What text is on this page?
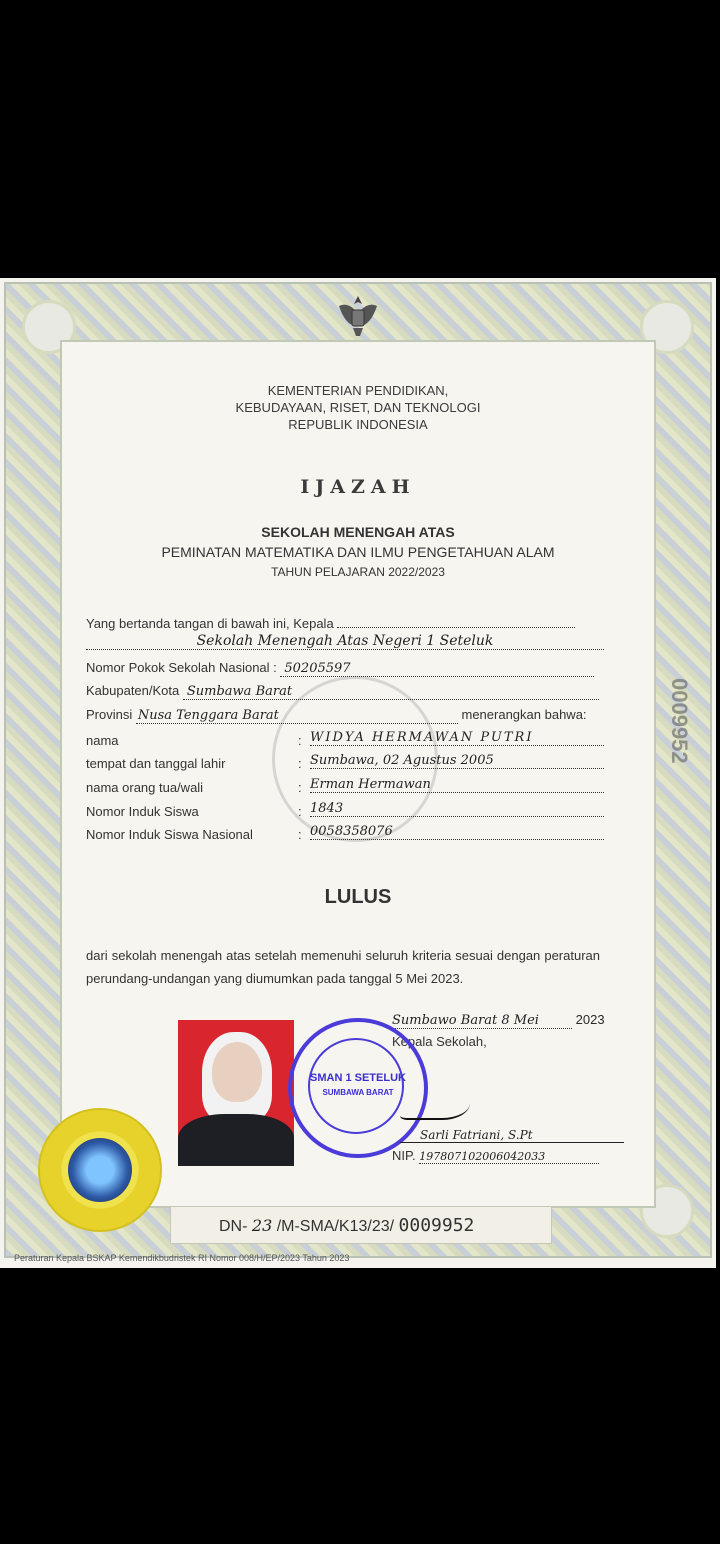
KEMENTERIAN PENDIDIKAN,
KEBUDAYAAN, RISET, DAN TEKNOLOGI
REPUBLIK INDONESIA
IJAZAH
SEKOLAH MENENGAH ATAS
PEMINATAN MATEMATIKA DAN ILMU PENGETAHUAN ALAM
TAHUN PELAJARAN 2022/2023
Yang bertanda tangan di bawah ini, Kepala
Sekolah Menengah Atas Negeri 1 Seteluk
Nomor Pokok Sekolah Nasional : 50205597
Kabupaten/Kota Sumbawa Barat
Provinsi Nusa Tenggara Barat	menerangkan bahwa:
nama	: WIDYA HERMAWAN PUTRI
tempat dan tanggal lahir	: Sumbawa, 02 Agustus 2005
nama orang tua/wali	: Erman Hermawan
Nomor Induk Siswa	: 1843
Nomor Induk Siswa Nasional	: 0058358076
0009952
LULUS
dari sekolah menengah atas setelah memenuhi seluruh kriteria sesuai dengan peraturan perundang-undangan yang diumumkan pada tanggal 5 Mei 2023.
Sumbawo Barat 8 Mei	2023
Kepala Sekolah,
SMAN 1 SETELUK
SUMBAWA BARAT
Sarli Fatriani, S.Pt
NIP. 197807102006042033
DN- 23 /M-SMA/K13/23/ 0009952
Peraturan Kepala BSKAP Kemendikbudristek RI Nomor 008/H/EP/2023 Tahun 2023
